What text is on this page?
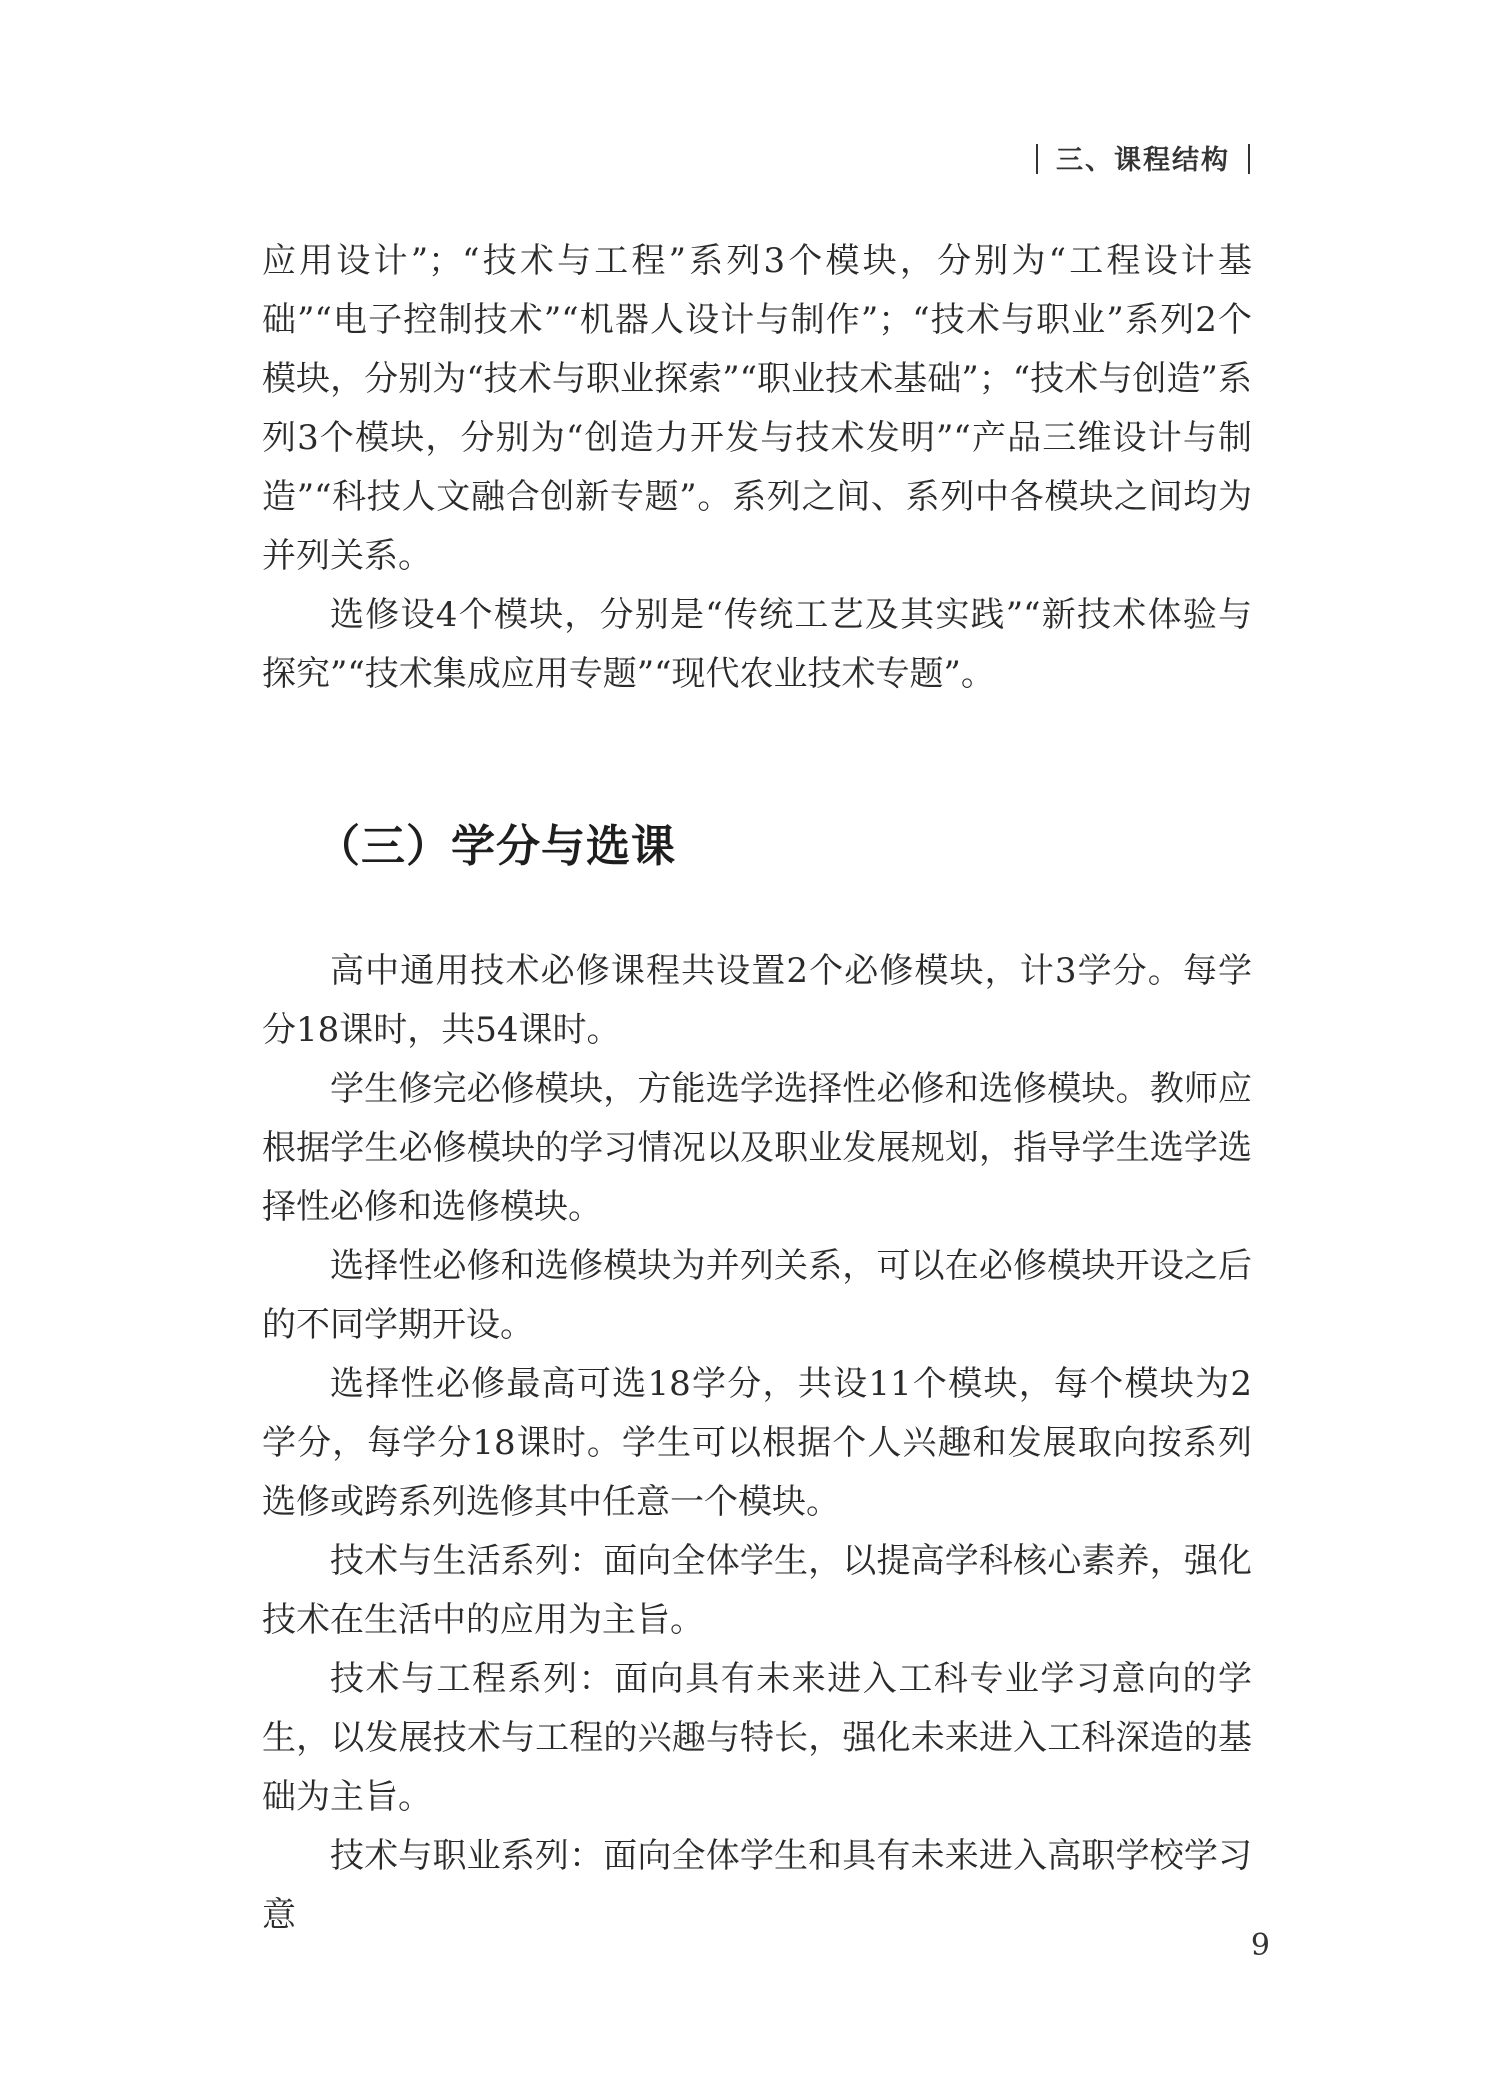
三、课程结构

应用设计”；“技术与工程”系列3个模块，分别为“工程设计基础”“电子控制技术”“机器人设计与制作”；“技术与职业”系列2个模块，分别为“技术与职业探索”“职业技术基础”；“技术与创造”系列3个模块，分别为“创造力开发与技术发明”“产品三维设计与制造”“科技人文融合创新专题”。系列之间、系列中各模块之间均为并列关系。

选修设4个模块，分别是“传统工艺及其实践”“新技术体验与探究”“技术集成应用专题”“现代农业技术专题”。

（三）学分与选课

高中通用技术必修课程共设置2个必修模块，计3学分。每学分18课时，共54课时。

学生修完必修模块，方能选学选择性必修和选修模块。教师应根据学生必修模块的学习情况以及职业发展规划，指导学生选学选择性必修和选修模块。

选择性必修和选修模块为并列关系，可以在必修模块开设之后的不同学期开设。

选择性必修最高可选18学分，共设11个模块，每个模块为2学分，每学分18课时。学生可以根据个人兴趣和发展取向按系列选修或跨系列选修其中任意一个模块。

技术与生活系列：面向全体学生，以提高学科核心素养，强化技术在生活中的应用为主旨。

技术与工程系列：面向具有未来进入工科专业学习意向的学生，以发展技术与工程的兴趣与特长，强化未来进入工科深造的基础为主旨。

技术与职业系列：面向全体学生和具有未来进入高职学校学习意

9
